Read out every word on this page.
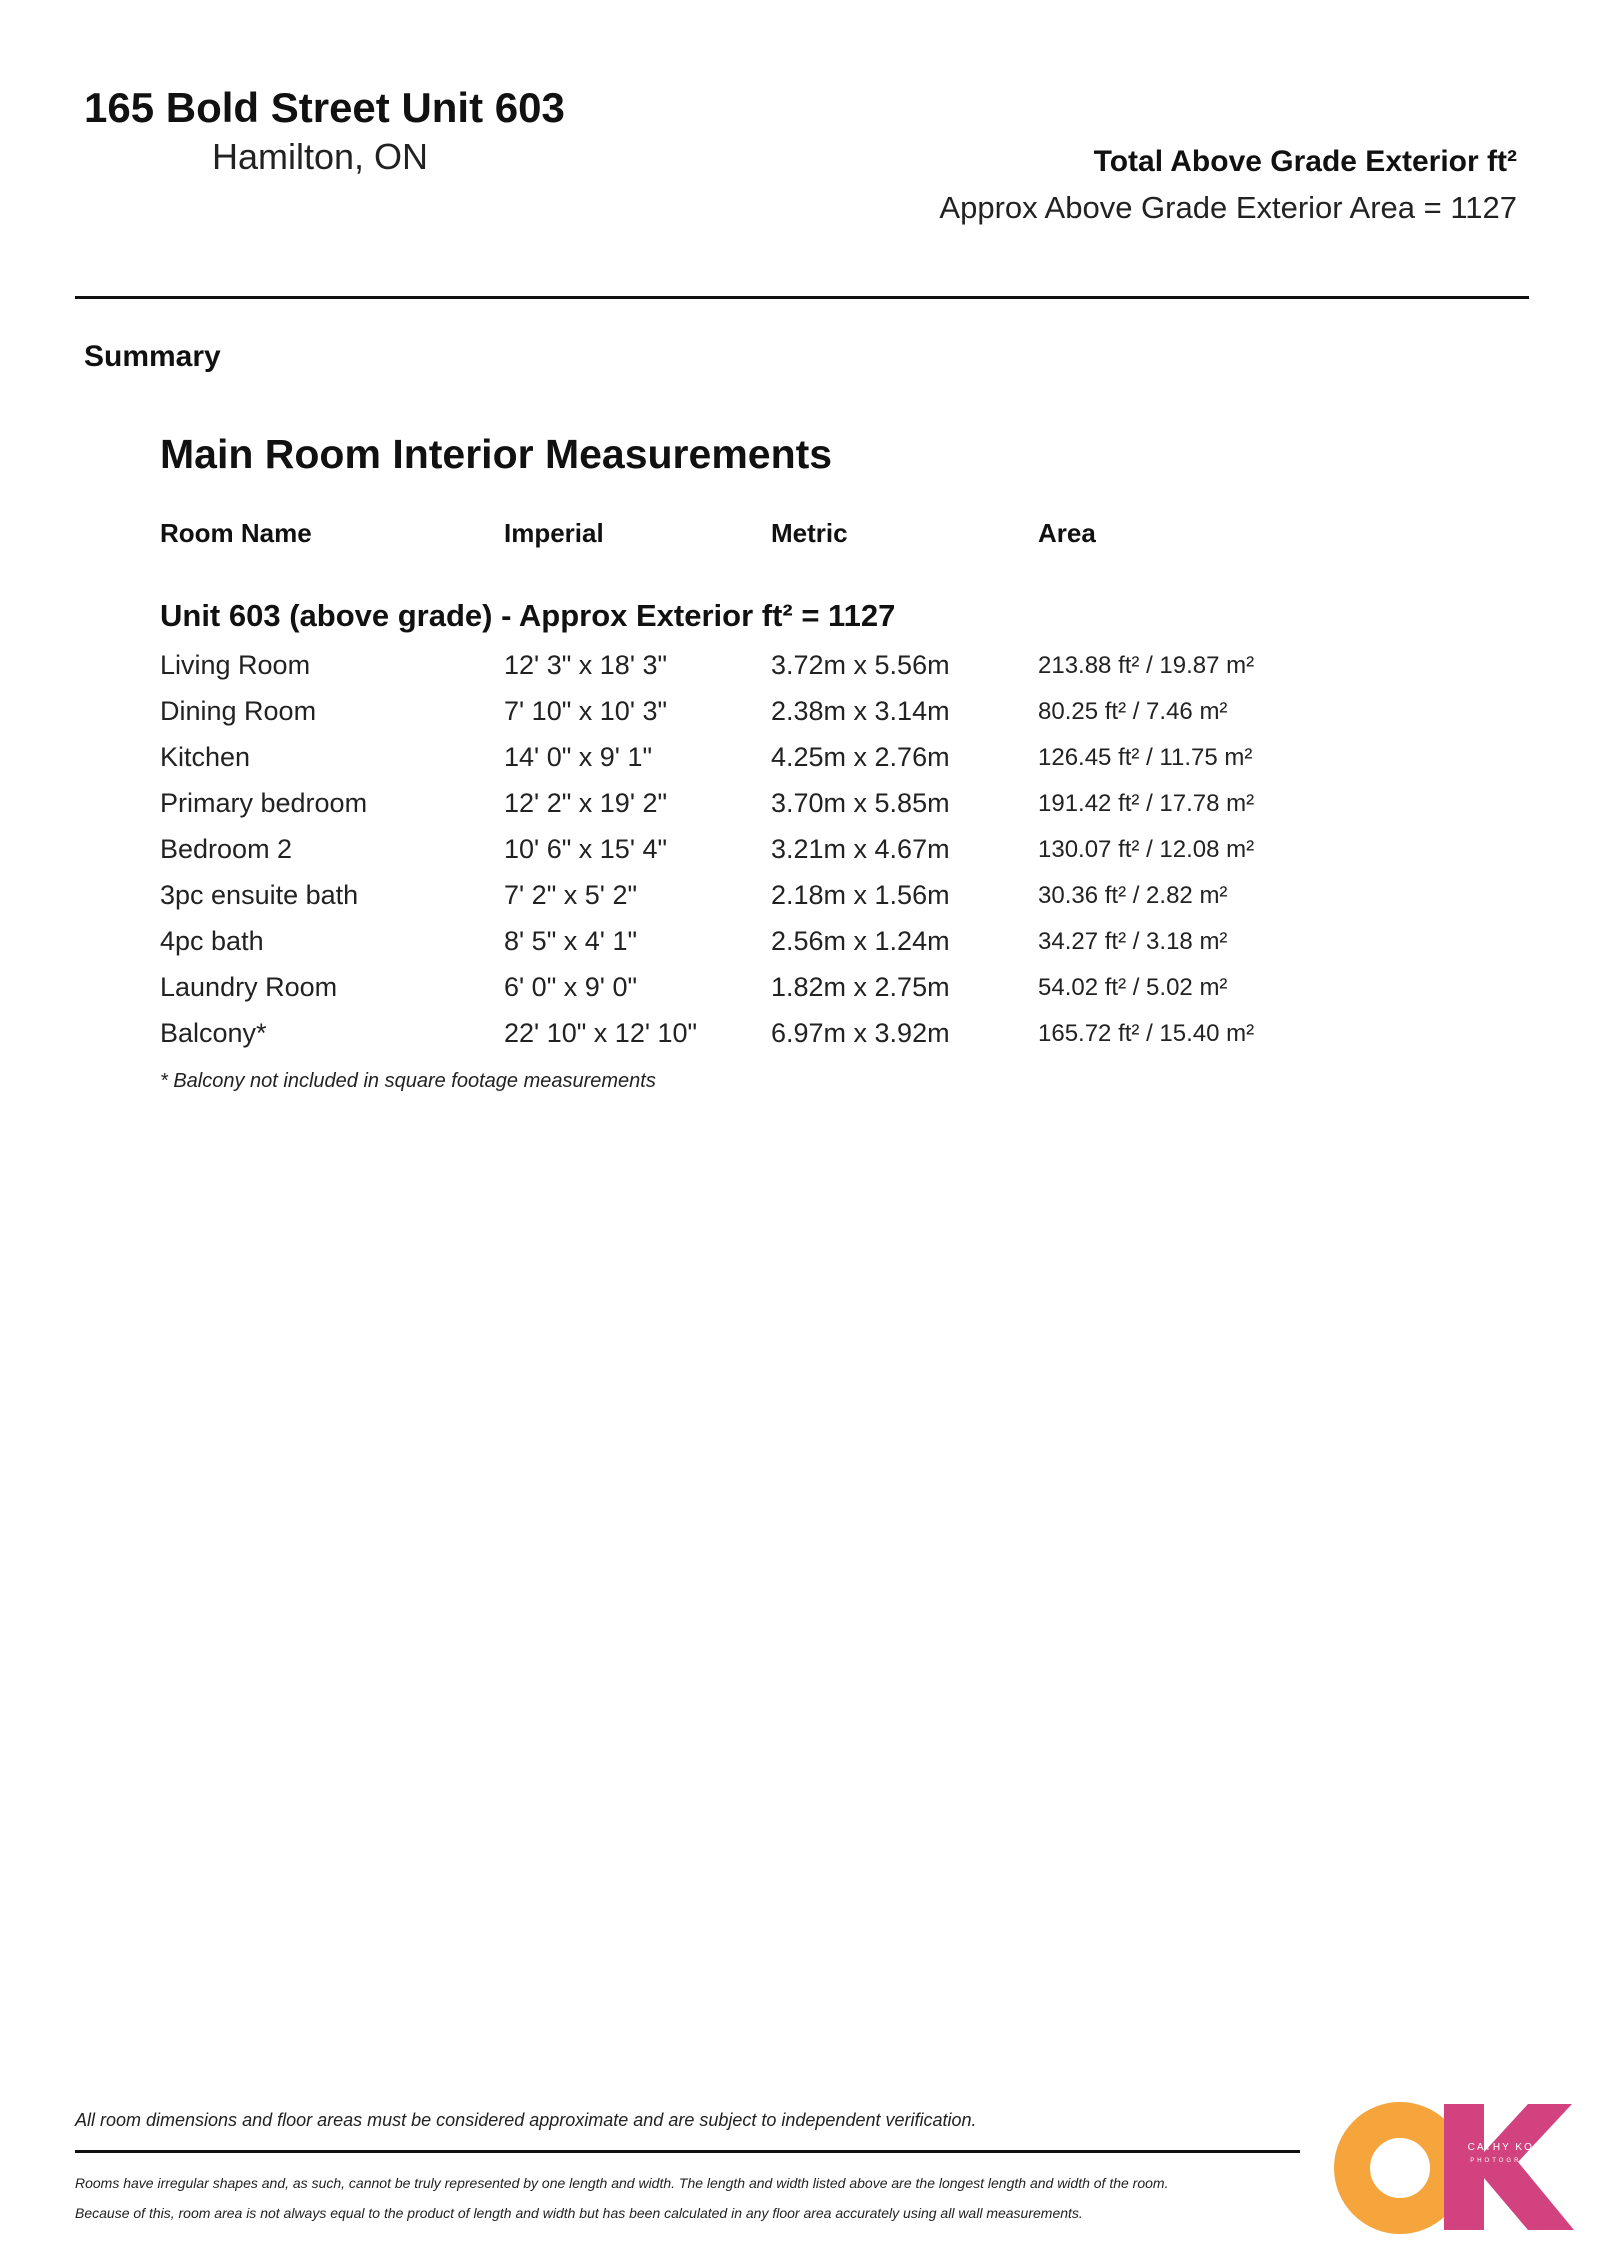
165 Bold Street Unit 603
Hamilton, ON	Total Above Grade Exterior ft²
Approx Above Grade Exterior Area = 1127
Summary
Main Room Interior Measurements
Room Name	Imperial	Metric	Area
Unit 603 (above grade) - Approx Exterior ft² = 1127
Living Room	12' 3" x 18' 3"	3.72m x 5.56m	213.88 ft² / 19.87 m²
Dining Room	7' 10" x 10' 3"	2.38m x 3.14m	80.25 ft² / 7.46 m²
Kitchen	14' 0" x 9' 1"	4.25m x 2.76m	126.45 ft² / 11.75 m²
Primary bedroom	12' 2" x 19' 2"	3.70m x 5.85m	191.42 ft² / 17.78 m²
Bedroom 2	10' 6" x 15' 4"	3.21m x 4.67m	130.07 ft² / 12.08 m²
3pc ensuite bath	7' 2" x 5' 2"	2.18m x 1.56m	30.36 ft² / 2.82 m²
4pc bath	8' 5" x 4' 1"	2.56m x 1.24m	34.27 ft² / 3.18 m²
Laundry Room	6' 0" x 9' 0"	1.82m x 2.75m	54.02 ft² / 5.02 m²
Balcony*	22' 10" x 12' 10"	6.97m x 3.92m	165.72 ft² / 15.40 m²
* Balcony not included in square footage measurements
All room dimensions and floor areas must be considered approximate and are subject to independent verification.
Rooms have irregular shapes and, as such, cannot be truly represented by one length and width. The length and width listed above are the longest length and width of the room.
Because of this, room area is not always equal to the product of length and width but has been calculated in any floor area accurately using all wall measurements.
CATHY KOOP
PHOTOGRAPHY
